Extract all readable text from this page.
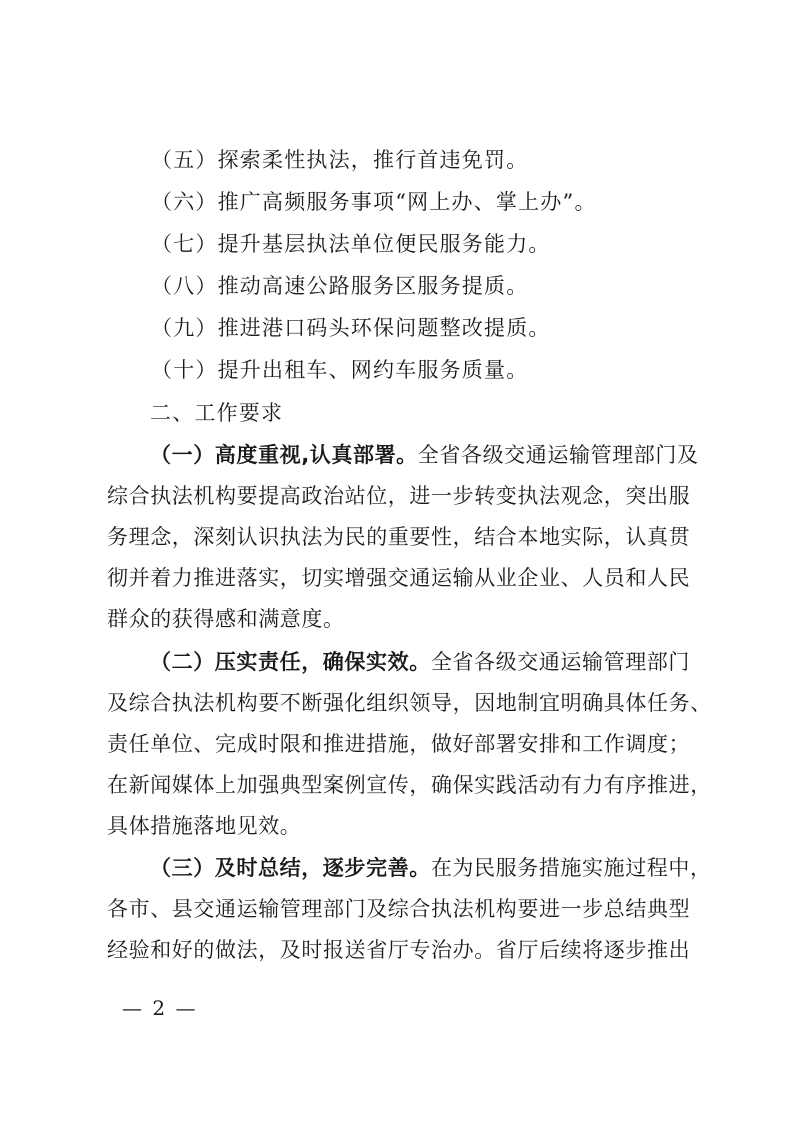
（五）探索柔性执法，推行首违免罚。
（六）推广高频服务事项“网上办、掌上办”。
（七）提升基层执法单位便民服务能力。
（八）推动高速公路服务区服务提质。
（九）推进港口码头环保问题整改提质。
（十）提升出租车、网约车服务质量。
二、工作要求
（一）高度重视,认真部署。全省各级交通运输管理部门及
综合执法机构要提高政治站位，进一步转变执法观念，突出服
务理念，深刻认识执法为民的重要性，结合本地实际，认真贯
彻并着力推进落实，切实增强交通运输从业企业、人员和人民
群众的获得感和满意度。
（二）压实责任，确保实效。全省各级交通运输管理部门
及综合执法机构要不断强化组织领导，因地制宜明确具体任务、
责任单位、完成时限和推进措施，做好部署安排和工作调度；
在新闻媒体上加强典型案例宣传，确保实践活动有力有序推进，
具体措施落地见效。
（三）及时总结，逐步完善。在为民服务措施实施过程中，
各市、县交通运输管理部门及综合执法机构要进一步总结典型
经验和好的做法，及时报送省厅专治办。省厅后续将逐步推出
— 2 —
